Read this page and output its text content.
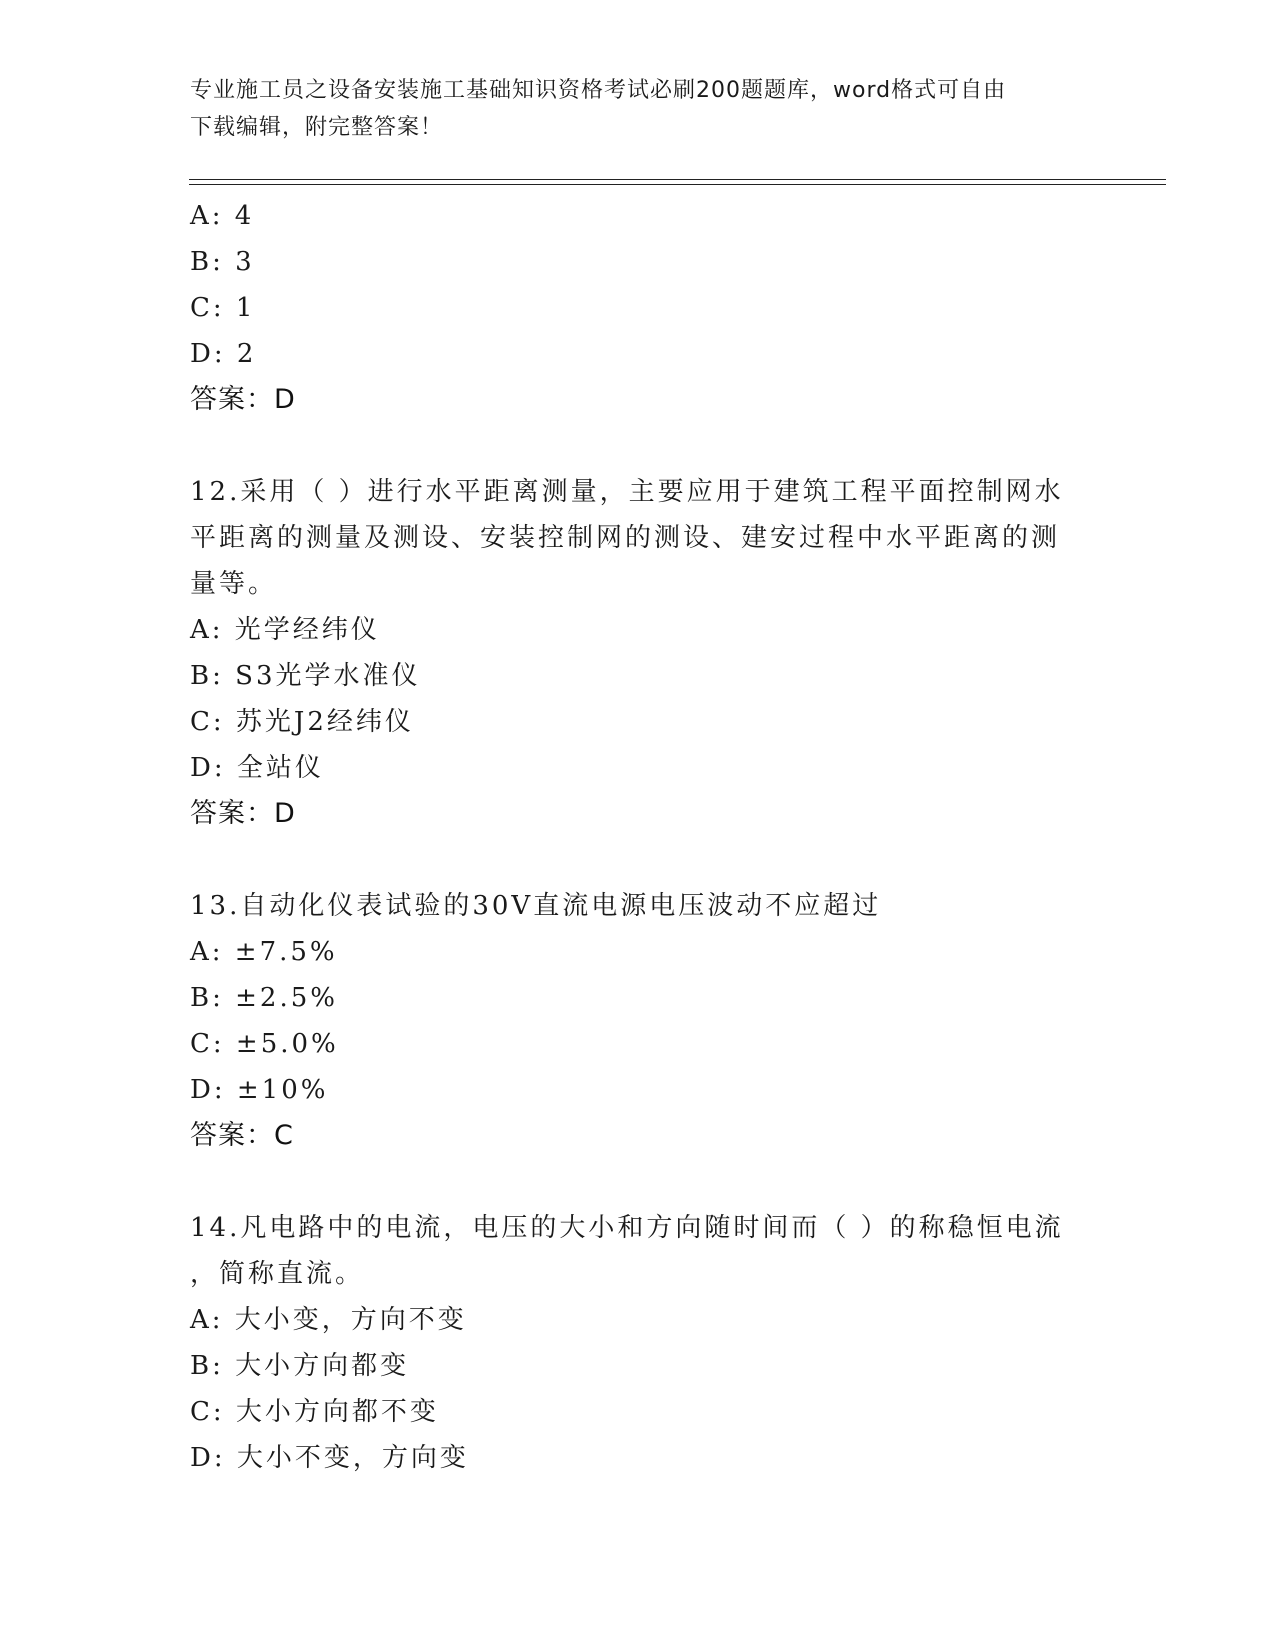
专业施工员之设备安装施工基础知识资格考试必刷200题题库，word格式可自由
下载编辑，附完整答案！
A: 4
B: 3
C: 1
D: 2
答案：D
12.采用（ ）进行水平距离测量，主要应用于建筑工程平面控制网水
平距离的测量及测设、安装控制网的测设、建安过程中水平距离的测
量等。
A: 光学经纬仪
B: S3光学水准仪
C: 苏光J2经纬仪
D: 全站仪
答案：D
13.自动化仪表试验的30V直流电源电压波动不应超过
A: ±7.5%
B: ±2.5%
C: ±5.0%
D: ±10%
答案：C
14.凡电路中的电流，电压的大小和方向随时间而（ ）的称稳恒电流
，简称直流。
A: 大小变，方向不变
B: 大小方向都变
C: 大小方向都不变
D: 大小不变，方向变
